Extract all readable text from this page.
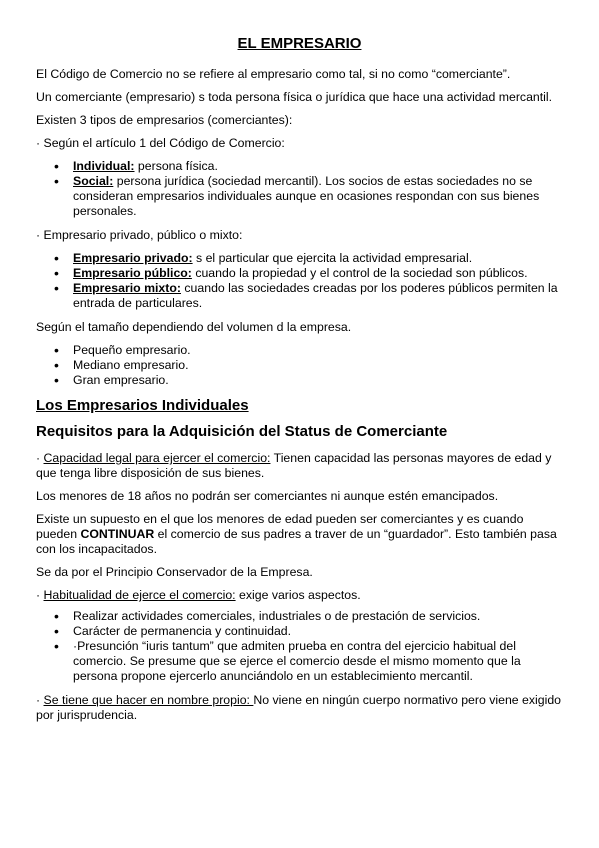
EL EMPRESARIO

El Código de Comercio no se refiere al empresario como tal, si no como “comerciante”.

Un comerciante (empresario) s toda persona física o jurídica que hace una actividad mercantil.

Existen 3 tipos de empresarios (comerciantes):

· Según el artículo 1 del Código de Comercio:

• Individual: persona física.
• Social: persona jurídica (sociedad mercantil). Los socios de estas sociedades no se consideran empresarios individuales aunque en ocasiones respondan con sus bienes personales.

· Empresario privado, público o mixto:

• Empresario privado: s el particular que ejercita la actividad empresarial.
• Empresario público: cuando la propiedad y el control de la sociedad son públicos.
• Empresario mixto: cuando las sociedades creadas por los poderes públicos permiten la entrada de particulares.

Según el tamaño dependiendo del volumen d la empresa.

• Pequeño empresario.
• Mediano empresario.
• Gran empresario.
Los Empresarios Individuales
Requisitos para la Adquisición del Status de Comerciante

· Capacidad legal para ejercer el comercio: Tienen capacidad las personas mayores de edad y que tenga libre disposición de sus bienes.

Los menores de 18 años no podrán ser comerciantes ni aunque estén emancipados.

Existe un supuesto en el que los menores de edad pueden ser comerciantes y es cuando pueden CONTINUAR el comercio de sus padres a traver de un “guardador”. Esto también pasa con los incapacitados.

Se da por el Principio Conservador de la Empresa.

· Habitualidad de ejerce el comercio: exige varios aspectos.

• Realizar actividades comerciales, industriales o de prestación de servicios.
• Carácter de permanencia y continuidad.
• ·Presunción “iuris tantum” que admiten prueba en contra del ejercicio habitual del comercio. Se presume que se ejerce el comercio desde el mismo momento que la persona propone ejercerlo anunciándolo en un establecimiento mercantil.

· Se tiene que hacer en nombre propio: No viene en ningún cuerpo normativo pero viene exigido por jurisprudencia.
